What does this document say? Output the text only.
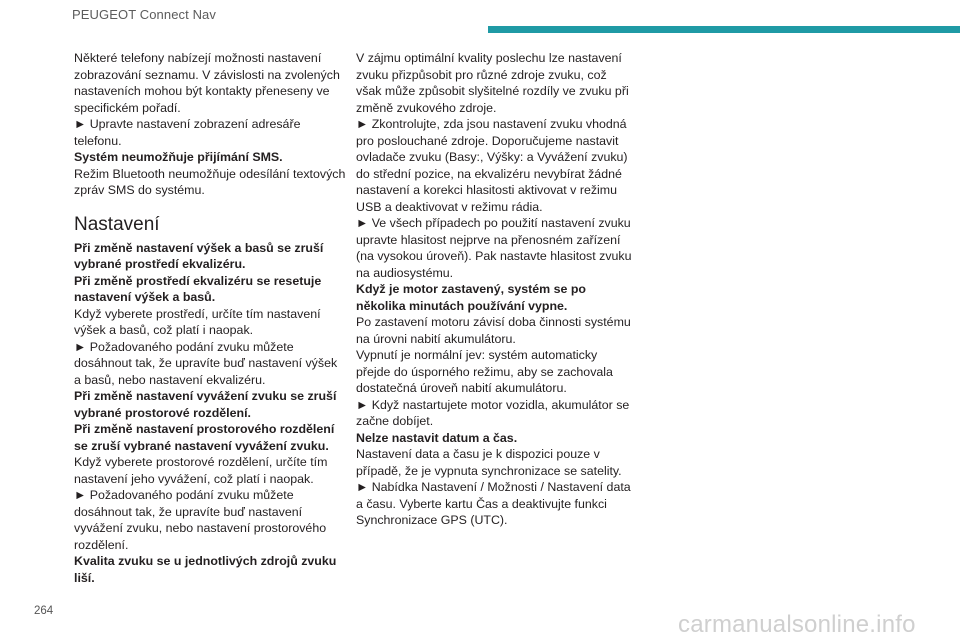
PEUGEOT Connect Nav

Některé telefony nabízejí možnosti nastavení zobrazování seznamu. V závislosti na zvolených nastaveních mohou být kontakty přeneseny ve specifickém pořadí.

► Upravte nastavení zobrazení adresáře telefonu.

Systém neumožňuje přijímání SMS.

Režim Bluetooth neumožňuje odesílání textových zpráv SMS do systému.

Nastavení

Při změně nastavení výšek a basů se zruší vybrané prostředí ekvalizéru.

Při změně prostředí ekvalizéru se resetuje nastavení výšek a basů.

Když vyberete prostředí, určíte tím nastavení výšek a basů, což platí i naopak.

► Požadovaného podání zvuku můžete dosáhnout tak, že upravíte buď nastavení výšek a basů, nebo nastavení ekvalizéru.

Při změně nastavení vyvážení zvuku se zruší vybrané prostorové rozdělení.

Při změně nastavení prostorového rozdělení se zruší vybrané nastavení vyvážení zvuku.

Když vyberete prostorové rozdělení, určíte tím nastavení jeho vyvážení, což platí i naopak.

► Požadovaného podání zvuku můžete dosáhnout tak, že upravíte buď nastavení vyvážení zvuku, nebo nastavení prostorového rozdělení.

Kvalita zvuku se u jednotlivých zdrojů zvuku liší.

V zájmu optimální kvality poslechu lze nastavení zvuku přizpůsobit pro různé zdroje zvuku, což však může způsobit slyšitelné rozdíly ve zvuku při změně zvukového zdroje.

► Zkontrolujte, zda jsou nastavení zvuku vhodná pro poslouchané zdroje. Doporučujeme nastavit ovladače zvuku (Basy:, Výšky: a Vyvážení zvuku) do střední pozice, na ekvalizéru nevybírat žádné nastavení a korekci hlasitosti aktivovat v režimu USB a deaktivovat v režimu rádia.

► Ve všech případech po použití nastavení zvuku upravte hlasitost nejprve na přenosném zařízení (na vysokou úroveň). Pak nastavte hlasitost zvuku na audiosystému.

Když je motor zastavený, systém se po několika minutách používání vypne.

Po zastavení motoru závisí doba činnosti systému na úrovni nabití akumulátoru.

Vypnutí je normální jev: systém automaticky přejde do úsporného režimu, aby se zachovala dostatečná úroveň nabití akumulátoru.

► Když nastartujete motor vozidla, akumulátor se začne dobíjet.

Nelze nastavit datum a čas.

Nastavení data a času je k dispozici pouze v případě, že je vypnuta synchronizace se satelity.

► Nabídka Nastavení / Možnosti / Nastavení data a času. Vyberte kartu Čas a deaktivujte funkci Synchronizace GPS (UTC).

264	carmanualsonline.info
